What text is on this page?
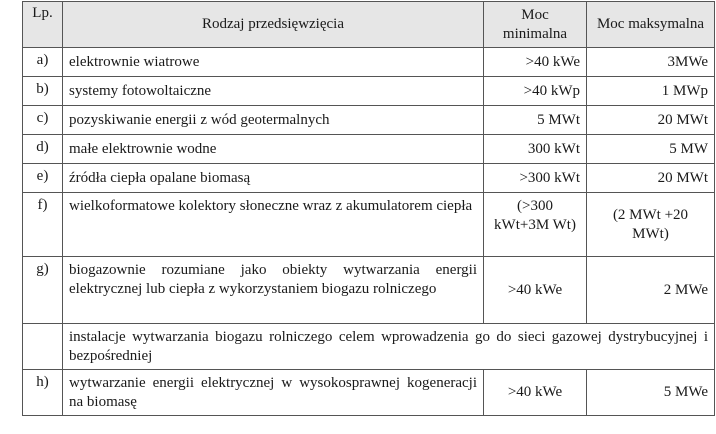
Lp.	Rodzaj przedsięwzięcia	Moc minimalna	Moc maksymalna
a)	elektrownie wiatrowe	>40 kWe	3MWe
b)	systemy fotowoltaiczne	>40 kWp	1 MWp
c)	pozyskiwanie energii z wód geotermalnych	5 MWt	20 MWt
d)	małe elektrownie wodne	300 kWt	5 MW
e)	źródła ciepła opalane biomasą	>300 kWt	20 MWt
f)	wielkoformatowe kolektory słoneczne wraz z akumulatorem ciepła	(>300 kWt+3M Wt)	(2 MWt +20 MWt)
g)	biogazownie rozumiane jako obiekty wytwarzania energii elektrycznej lub ciepła z wykorzystaniem biogazu rolniczego	>40 kWe	2 MWe
	instalacje wytwarzania biogazu rolniczego celem wprowadzenia go do sieci gazowej dystrybucyjnej i bezpośredniej		
h)	wytwarzanie energii elektrycznej w wysokosprawnej kogeneracji na biomasę	>40 kWe	5 MWe
